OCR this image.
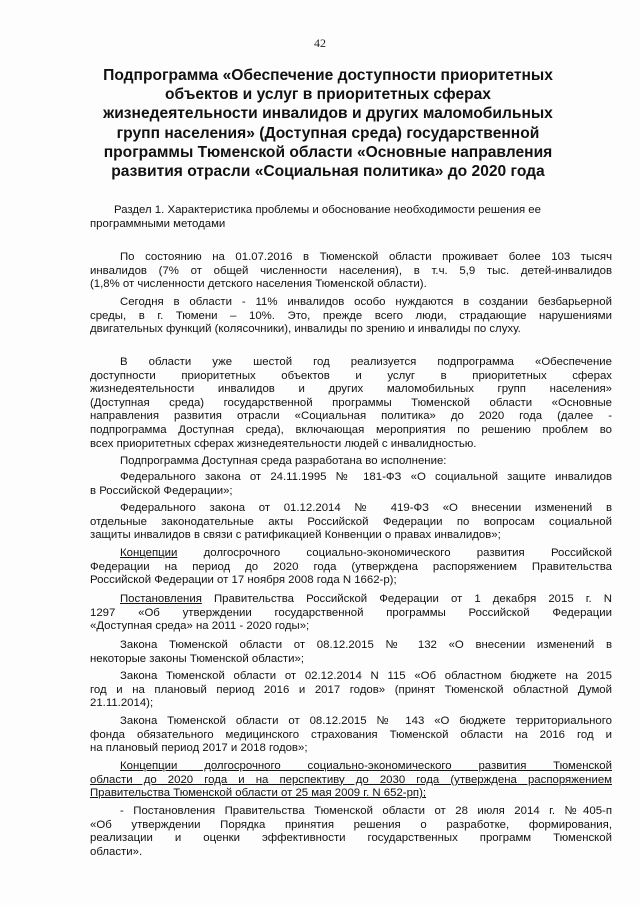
42
Подпрограмма «Обеспечение доступности приоритетных
объектов и услуг в приоритетных сферах
жизнедеятельности инвалидов и других маломобильных
групп населения» (Доступная среда) государственной
программы Тюменской области «Основные направления
развития отрасли «Социальная политика» до 2020 года
Раздел 1. Характеристика проблемы и обоснование необходимости решения ее
программными методами
По состоянию на 01.07.2016 в Тюменской области проживает более 103 тысяч
инвалидов (7% от общей численности населения), в т.ч. 5,9 тыс. детей-инвалидов
(1,8% от численности детского населения Тюменской области).
Сегодня в области - 11% инвалидов особо нуждаются в создании безбарьерной
среды, в г. Тюмени – 10%. Это, прежде всего люди, страдающие нарушениями
двигательных функций (колясочники), инвалиды по зрению и инвалиды по слуху.
В области уже шестой год реализуется подпрограмма «Обеспечение
доступности приоритетных объектов и услуг в приоритетных сферах
жизнедеятельности инвалидов и других маломобильных групп населения»
(Доступная среда) государственной программы Тюменской области «Основные
направления развития отрасли «Социальная политика» до 2020 года (далее -
подпрограмма Доступная среда), включающая мероприятия по решению проблем во
всех приоритетных сферах жизнедеятельности людей с инвалидностью.
Подпрограмма Доступная среда разработана во исполнение:
Федерального закона от 24.11.1995 № 181-ФЗ «О социальной защите инвалидов
в Российской Федерации»;
Федерального закона от 01.12.2014 № 419-ФЗ «О внесении изменений в
отдельные законодательные акты Российской Федерации по вопросам социальной
защиты инвалидов в связи с ратификацией Конвенции о правах инвалидов»;
Концепции долгосрочного социально-экономического развития Российской
Федерации на период до 2020 года (утверждена распоряжением Правительства
Российской Федерации от 17 ноября 2008 года N 1662-р);
Постановления Правительства Российской Федерации от 1 декабря 2015 г. N
1297 «Об утверждении государственной программы Российской Федерации
«Доступная среда» на 2011 - 2020 годы»;
Закона Тюменской области от 08.12.2015 № 132 «О внесении изменений в
некоторые законы Тюменской области»;
Закона Тюменской области от 02.12.2014 N 115 «Об областном бюджете на 2015
год и на плановый период 2016 и 2017 годов» (принят Тюменской областной Думой
21.11.2014);
Закона Тюменской области от 08.12.2015 № 143 «О бюджете территориального
фонда обязательного медицинского страхования Тюменской области на 2016 год и
на плановый период 2017 и 2018 годов»;
Концепции долгосрочного социально-экономического развития Тюменской
области до 2020 года и на перспективу до 2030 года (утверждена распоряжением
Правительства Тюменской области от 25 мая 2009 г. N 652-рп);
- Постановления Правительства Тюменской области от 28 июля 2014 г. №405-п
«Об утверждении Порядка принятия решения о разработке, формирования,
реализации и оценки эффективности государственных программ Тюменской
области».
